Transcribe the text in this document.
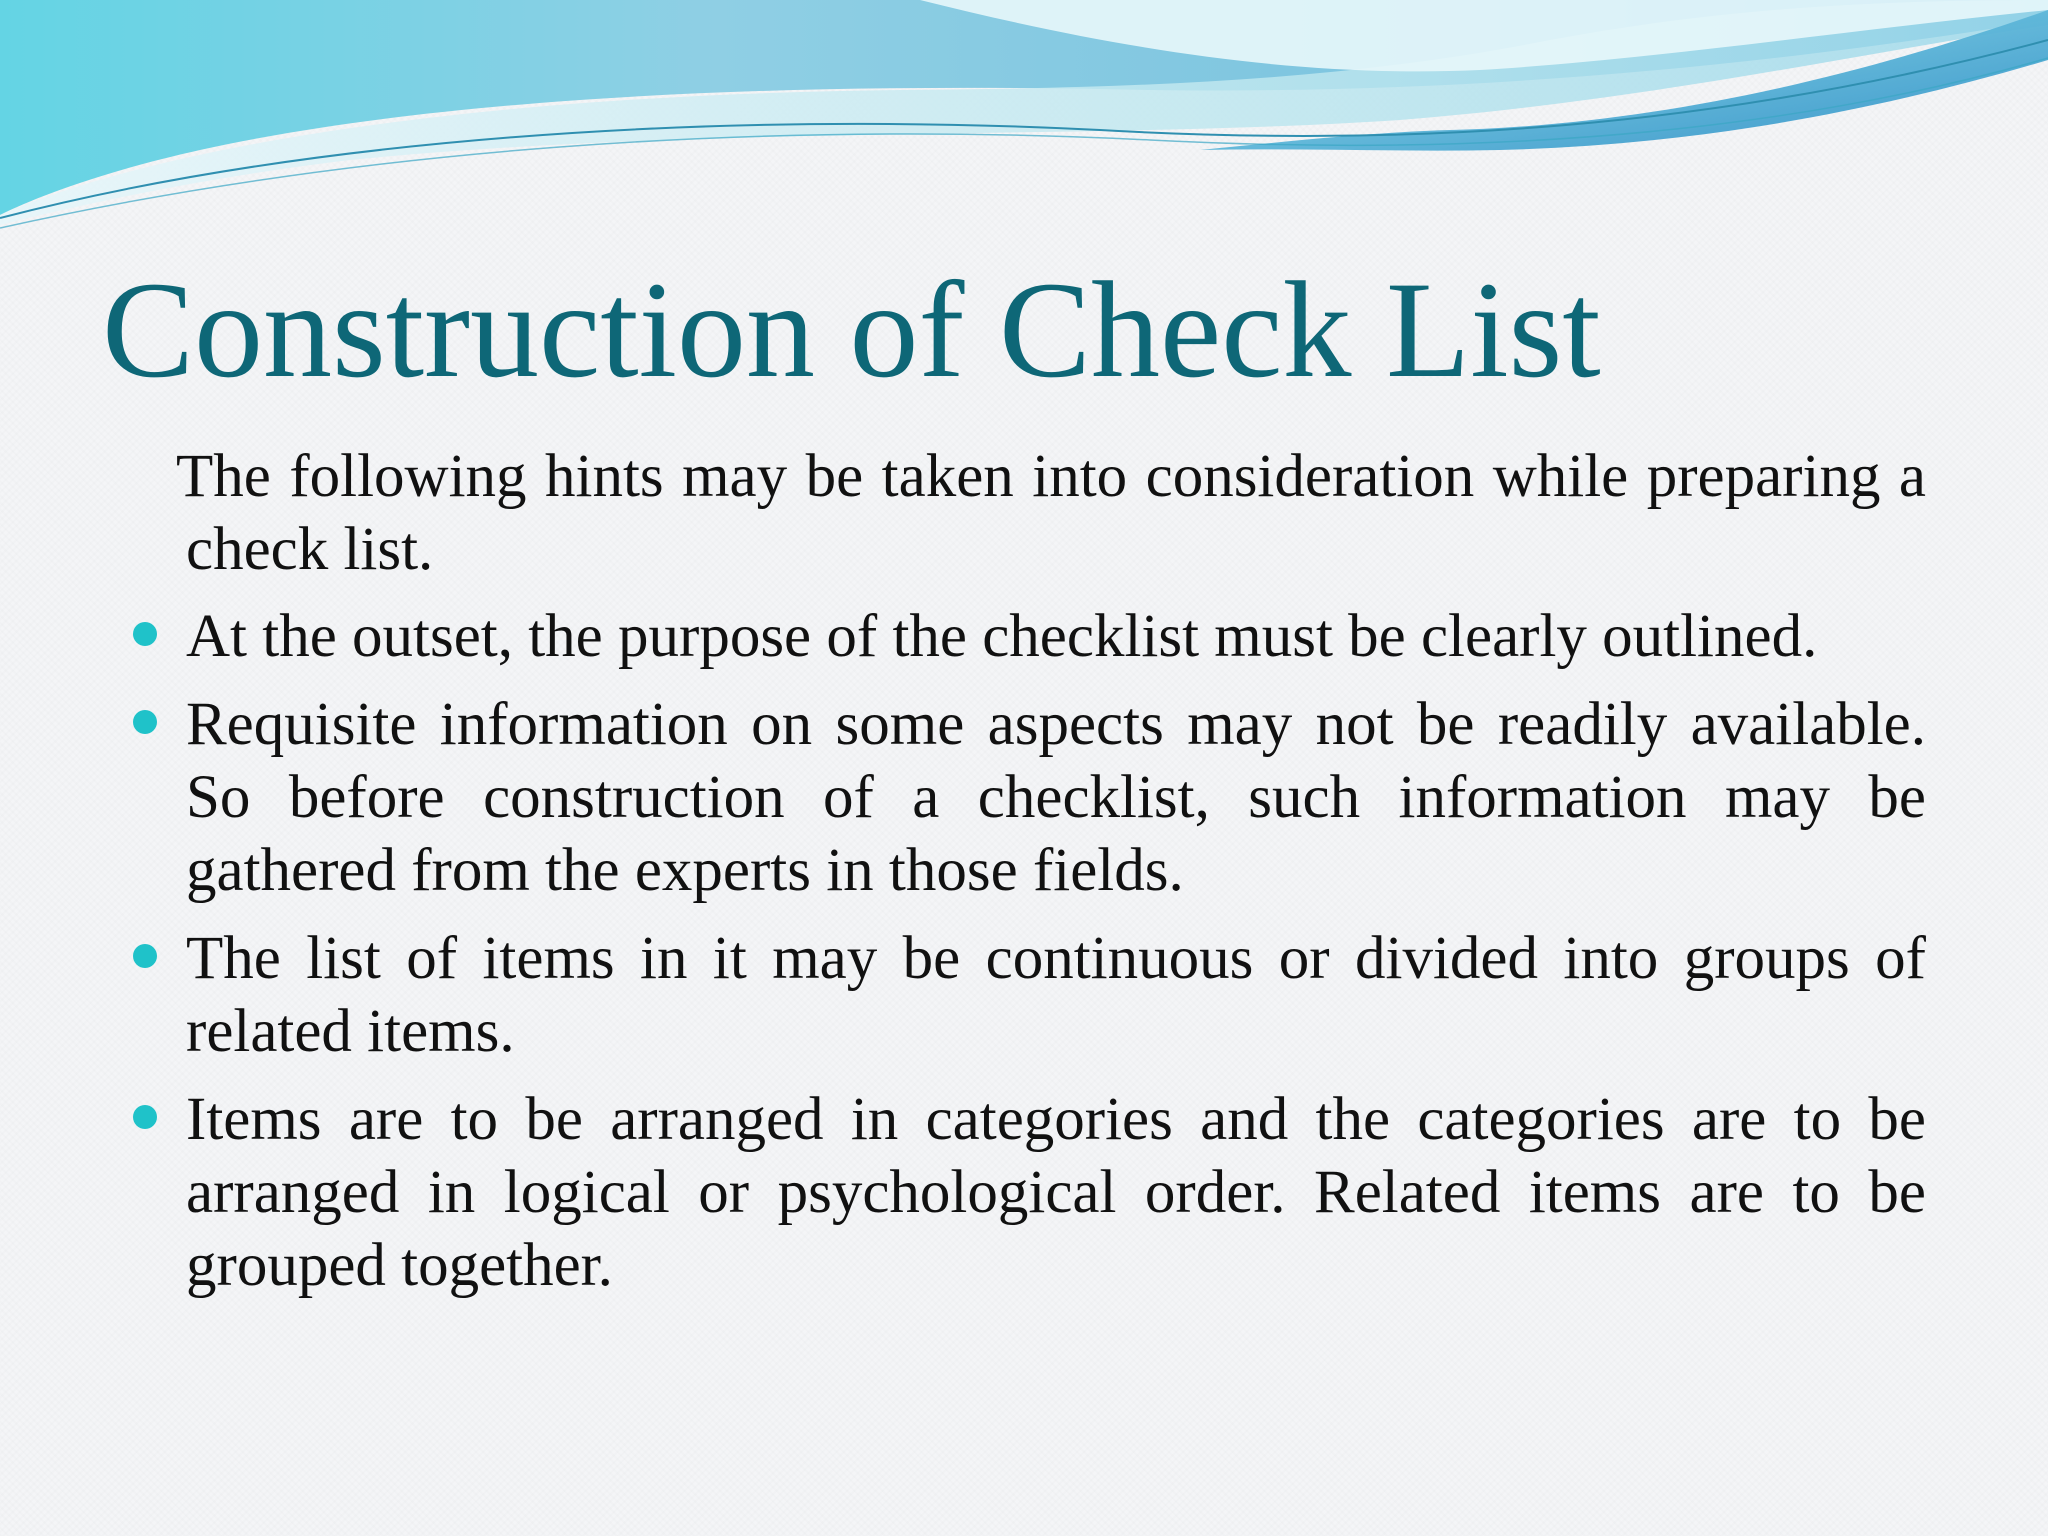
Construction of Check List

The following hints may be taken into consideration while preparing a check list.

At the outset, the purpose of the checklist must be clearly outlined.
Requisite information on some aspects may not be readily available. So before construction of a checklist, such information may be gathered from the experts in those fields.
The list of items in it may be continuous or divided into groups of related items.
Items are to be arranged in categories and the categories are to be arranged in logical or psychological order. Related items are to be grouped together.
